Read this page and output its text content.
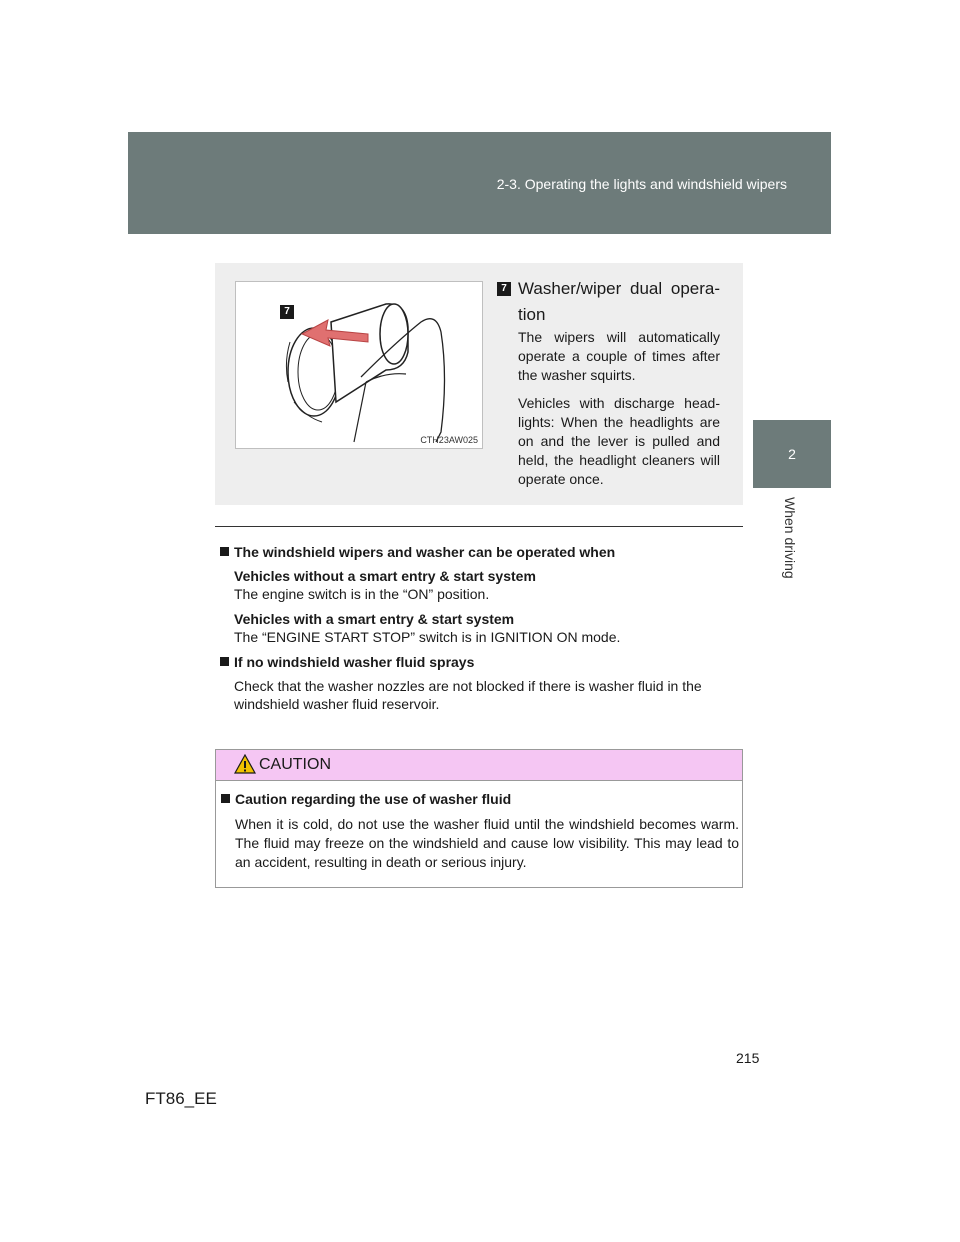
2-3. Operating the lights and windshield wipers
2
When driving
7
CTH23AW025
7 Washer/wiper dual opera-tion

The wipers will automatically operate a couple of times after the washer squirts.

Vehicles with discharge head-lights: When the headlights are on and the lever is pulled and held, the headlight cleaners will operate once.

The windshield wipers and washer can be operated when

Vehicles without a smart entry & start system

The engine switch is in the “ON” position.

Vehicles with a smart entry & start system

The “ENGINE START STOP” switch is in IGNITION ON mode.

If no windshield washer fluid sprays

Check that the washer nozzles are not blocked if there is washer fluid in the windshield washer fluid reservoir.

CAUTION

Caution regarding the use of washer fluid

When it is cold, do not use the washer fluid until the windshield becomes warm. The fluid may freeze on the windshield and cause low visibility. This may lead to an accident, resulting in death or serious injury.

215
FT86_EE
